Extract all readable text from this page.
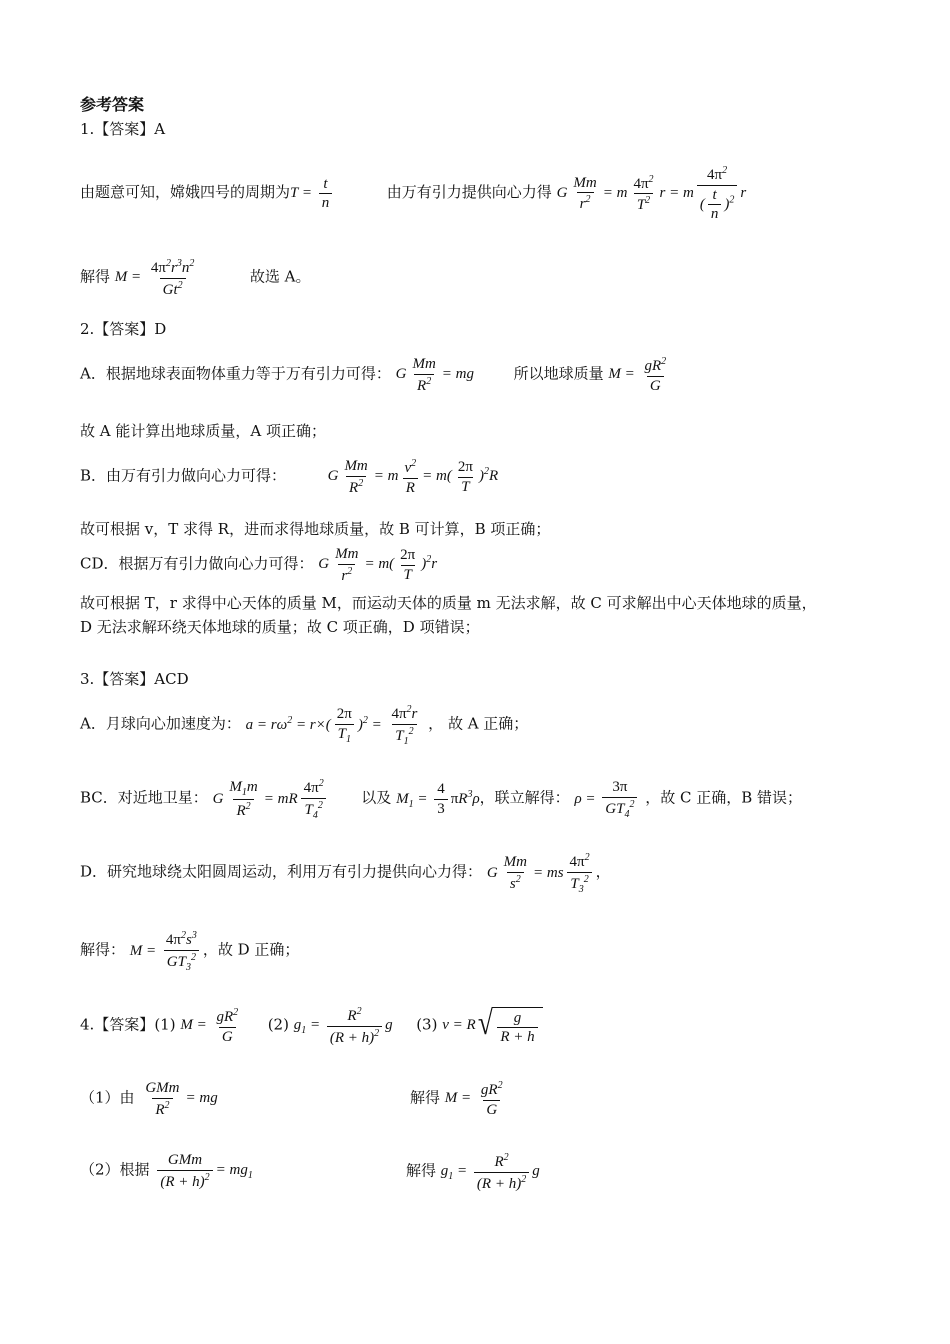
参考答案
1.【答案】A
由题意可知，嫦娥四号的周期为$T = \frac{t}{n}$	由万有引力提供向心力得 G $\frac{Mm}{r^2} = m \frac{4\pi^2}{T^2}$ r = m $\frac{4\pi^2}{( \frac{t}{n} )^2}$ r
解得 $M = \frac{4\pi^2r^3n^2}{Gt^2}$	故选 A。
2.【答案】D
A．根据地球表面物体重力等于万有引力可得： G $\frac{Mm}{R^2}$ = mg	所以地球质量 $M = \frac{gR^2}{G}$
故 A 能计算出地球质量，A 项正确；
B．由万有引力做向心力可得：	G $\frac{Mm}{R^2} = m \frac{v^2}{R} = m( \frac{2\pi}{T} )^2R$
故可根据 v，T 求得 R，进而求得地球质量，故 B 可计算，B 项正确；
CD．根据万有引力做向心力可得： G $\frac{Mm}{r^2} = m( \frac{2\pi}{T} )^2r$
故可根据 T，r 求得中心天体的质量 M，而运动天体的质量 m 无法求解，故 C 可求解出中心天体地球的质量，
D 无法求解环绕天体地球的质量；故 C 项正确，D 项错误；
3.【答案】ACD
A．月球向心加速度为： $a = r\omega^2 = r\times( \frac{2\pi}{T_1} )^2 = \frac{4\pi^2r}{T_1^2}$ ， 故 A 正确；
BC．对近地卫星： G $\frac{M_1m}{R^2}$ = mR $\frac{4\pi^2}{T_4^2}$ 以及 $M_1 = \frac{4}{3} \pi R^3\rho$，联立解得： $\rho = \frac{3\pi}{GT_4^2}$ ，故 C 正确，B 错误；
D．研究地球绕太阳圆周运动，利用万有引力提供向心力得： G $\frac{Mm}{s^2}$ = ms $\frac{4\pi^2}{T_3^2}$ ，
解得： $M = \frac{4\pi^2s^3}{GT_3^2}$ ，故 D 正确；
4.【答案】(1) $M = \frac{gR^2}{G} (2) g_1 = \frac{R^2}{(R + h)^2}$ g (3) v = R √ $\frac{g}{R + h}$
（1）由 $\frac{\text{GMm}}{R^2}$ = mg	解得 $M = \frac{gR^2}{G}$
（2）根据 $\frac{\text{GMm}}{(R + h)^2} = mg_1$	解得 $g_1 = \frac{R^2}{(R + h)^2}$ g
